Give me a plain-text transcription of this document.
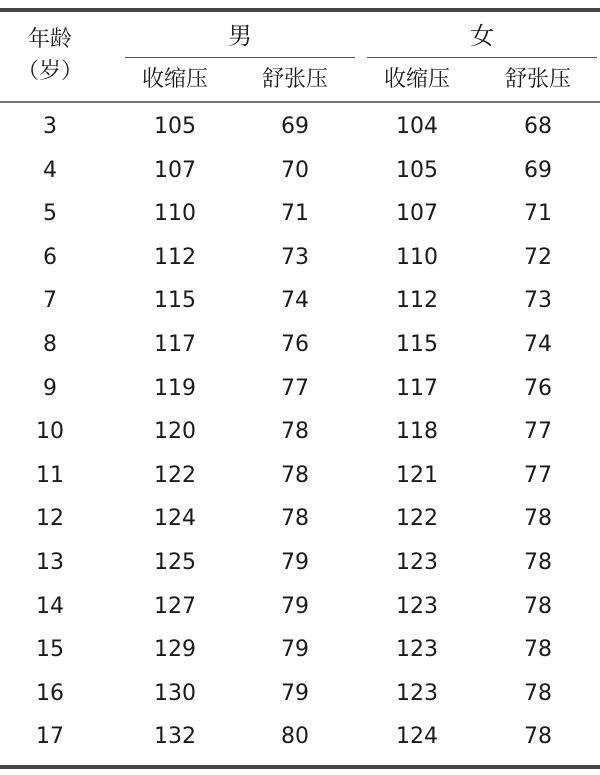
年龄
（岁）
男	女
收缩压	舒张压	收缩压	舒张压
3	105	69	104	68
4	107	70	105	69
5	110	71	107	71
6	112	73	110	72
7	115	74	112	73
8	117	76	115	74
9	119	77	117	76
10	120	78	118	77
11	122	78	121	77
12	124	78	122	78
13	125	79	123	78
14	127	79	123	78
15	129	79	123	78
16	130	79	123	78
17	132	80	124	78
